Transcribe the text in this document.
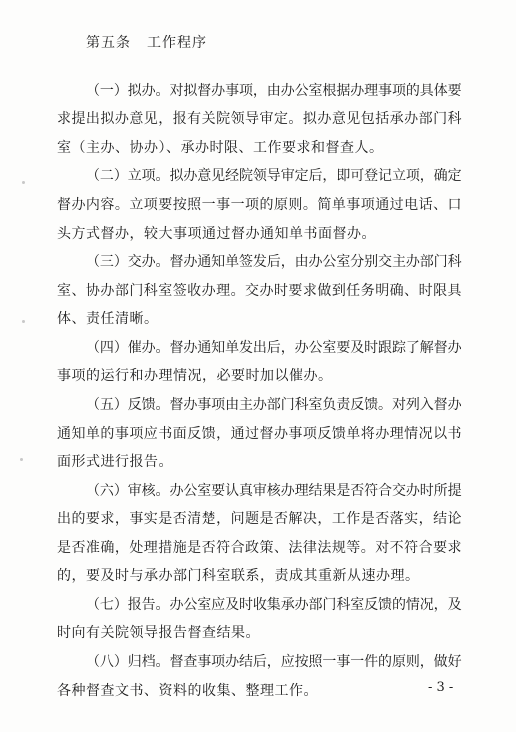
第五条 工作程序
（一）拟办。对拟督办事项，由办公室根据办理事项的具体要
求提出拟办意见，报有关院领导审定。拟办意见包括承办部门科
室（主办、协办）、承办时限、工作要求和督查人。
（二）立项。拟办意见经院领导审定后，即可登记立项，确定
督办内容。立项要按照一事一项的原则。简单事项通过电话、口
头方式督办，较大事项通过督办通知单书面督办。
（三）交办。督办通知单签发后，由办公室分别交主办部门科
室、协办部门科室签收办理。交办时要求做到任务明确、时限具
体、责任清晰。
（四）催办。督办通知单发出后，办公室要及时跟踪了解督办
事项的运行和办理情况，必要时加以催办。
（五）反馈。督办事项由主办部门科室负责反馈。对列入督办
通知单的事项应书面反馈，通过督办事项反馈单将办理情况以书
面形式进行报告。
（六）审核。办公室要认真审核办理结果是否符合交办时所提
出的要求，事实是否清楚，问题是否解决，工作是否落实，结论
是否准确，处理措施是否符合政策、法律法规等。对不符合要求
的，要及时与承办部门科室联系，责成其重新从速办理。
（七）报告。办公室应及时收集承办部门科室反馈的情况，及
时向有关院领导报告督查结果。
（八）归档。督查事项办结后，应按照一事一件的原则，做好
各种督查文书、资料的收集、整理工作。	- 3 -
